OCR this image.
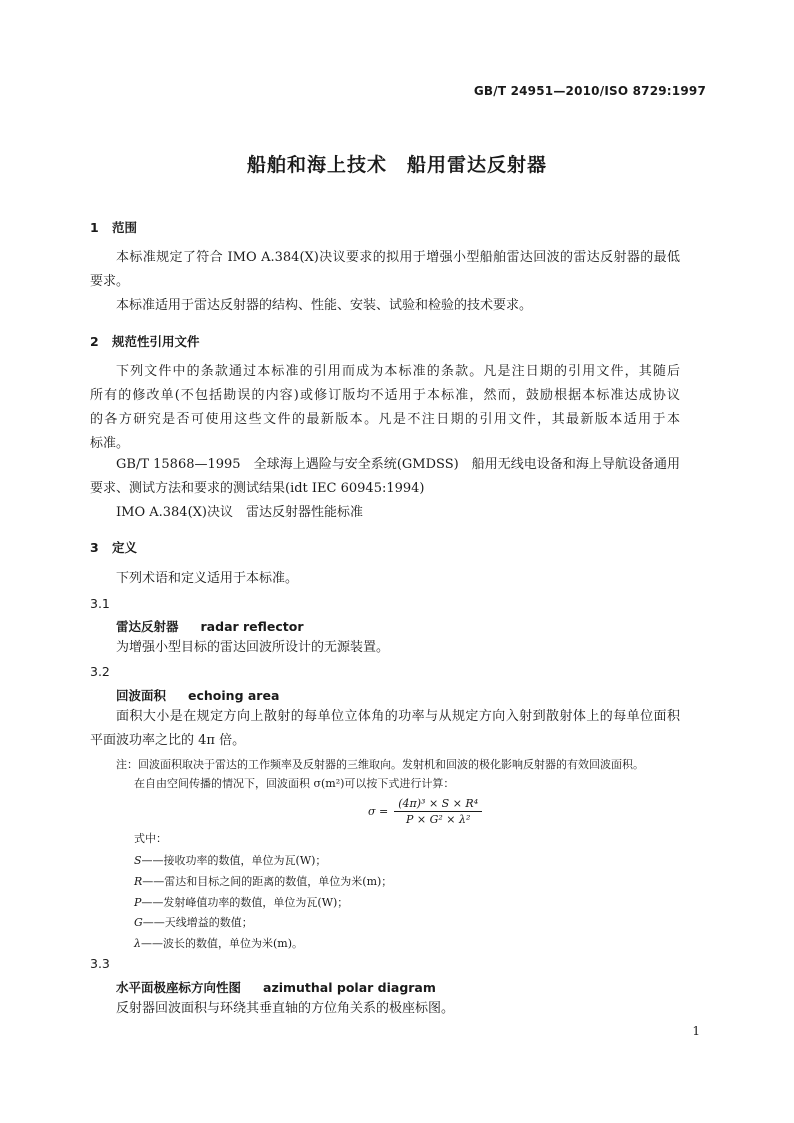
GB/T 24951—2010/ISO 8729:1997
船舶和海上技术　船用雷达反射器
1 范围
本标准规定了符合 IMO A.384(X)决议要求的拟用于增强小型船舶雷达回波的雷达反射器的最低
要求。
本标准适用于雷达反射器的结构、性能、安装、试验和检验的技术要求。
2 规范性引用文件
下列文件中的条款通过本标准的引用而成为本标准的条款。凡是注日期的引用文件，其随后
所有的修改单(不包括勘误的内容)或修订版均不适用于本标准，然而，鼓励根据本标准达成协议
的各方研究是否可使用这些文件的最新版本。凡是不注日期的引用文件，其最新版本适用于本
标准。
GB/T 15868—1995　全球海上遇险与安全系统(GMDSS)　船用无线电设备和海上导航设备通用
要求、测试方法和要求的测试结果(idt IEC 60945:1994)
IMO A.384(X)决议　雷达反射器性能标准
3 定义
下列术语和定义适用于本标准。
3.1
雷达反射器 radar reflector
为增强小型目标的雷达回波所设计的无源装置。
3.2
回波面积 echoing area
面积大小是在规定方向上散射的每单位立体角的功率与从规定方向入射到散射体上的每单位面积
平面波功率之比的 4π 倍。
注：回波面积取决于雷达的工作频率及反射器的三维取向。发射机和回波的极化影响反射器的有效回波面积。
在自由空间传播的情况下，回波面积 σ(m²)可以按下式进行计算：
$\sigma = \frac{\text{(4π)³ × S × R⁴}}{\text{P × G² × λ²}}$
式中：
S——接收功率的数值，单位为瓦(W)；
R——雷达和目标之间的距离的数值，单位为米(m)；
P——发射峰值功率的数值，单位为瓦(W)；
G——天线增益的数值；
λ——波长的数值，单位为米(m)。
3.3
水平面极座标方向性图 azimuthal polar diagram
反射器回波面积与环绕其垂直轴的方位角关系的极座标图。
1
